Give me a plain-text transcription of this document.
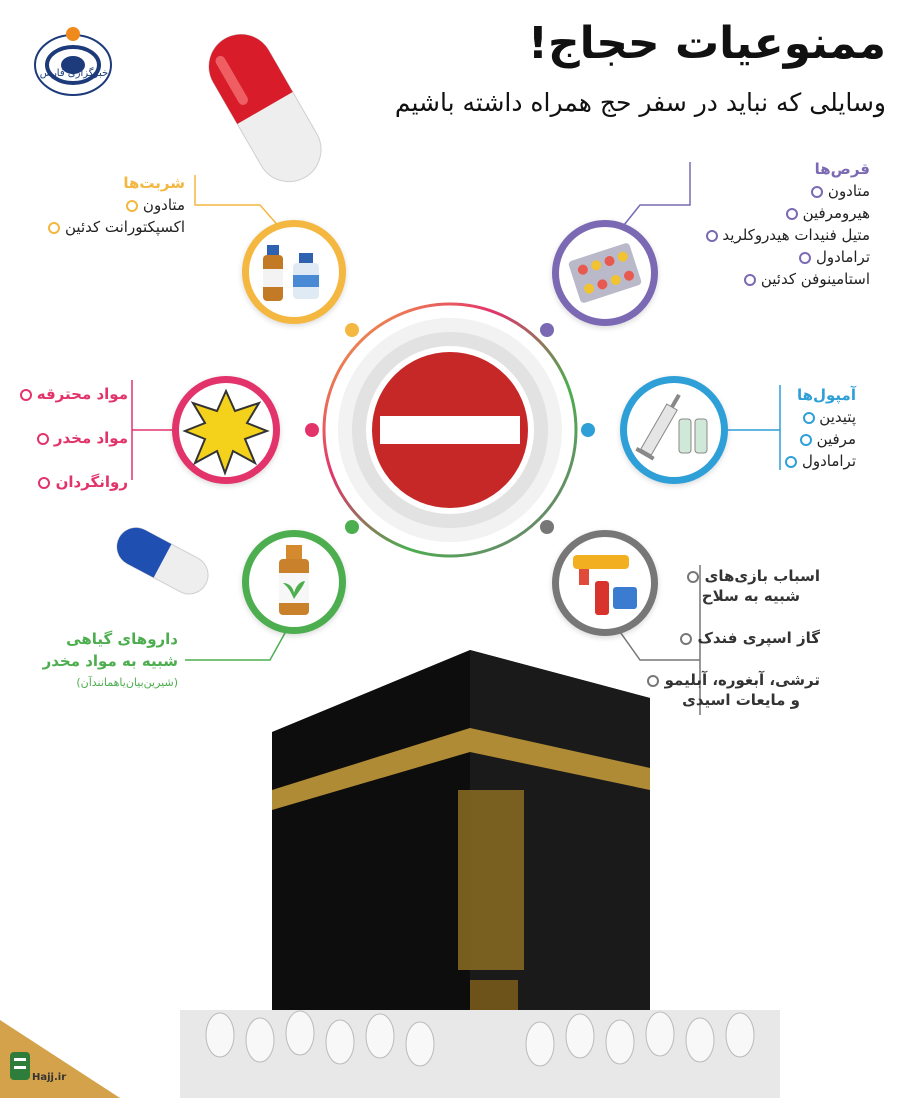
ممنوعیات حجاج!
وسایلی که نباید در سفر حج همراه داشته باشیم
خبرگزاری فارس
شربت‌ها
متادون
اکسپکتورانت کدئین
قرص‌ها
متادون
هیرومرفین
متیل فنیدات هیدروکلرید
ترامادول
استامینوفن کدئین
آمپول‌ها
پتیدین
مرفین
ترامادول
مواد محترقه
مواد مخدر
روانگردان
داروهای گیاهی
شبیه به مواد مخدر
(شیرین‌بیان‌یاهمانندآن)
اسباب بازی‌های
شبیه به سلاح
گاز اسپری فندک
ترشی، آبغوره، آبلیمو
و مایعات اسیدی
Hajj.ir
